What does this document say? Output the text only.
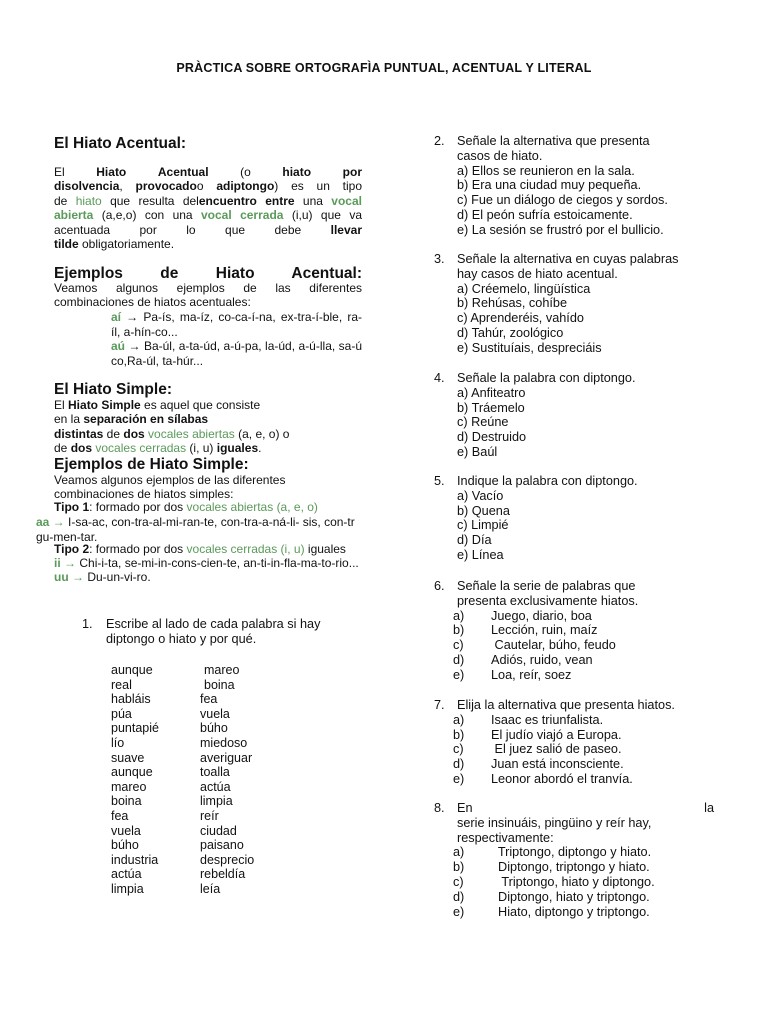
PRÀCTICA SOBRE ORTOGRAFÌA PUNTUAL, ACENTUAL Y LITERAL
El Hiato Acentual:
El Hiato	Acentual (o hiato	por
disolvencia, provocadoo adiptongo) es un tipo
de hiato que resulta delencuentro entre una vocal
abierta (a,e,o) con una vocal cerrada (i,u) que va
acentuada por lo que debe llevar
tilde obligatoriamente.
Ejemplos de Hiato Acentual:
Veamos algunos ejemplos de las diferentes
combinaciones de hiatos acentuales:
aí → Pa-ís, ma-íz, co-ca-í-na, ex-tra-í-ble, ra-
íl, a-hín-co...
aú → Ba-úl, a-ta-úd, a-ú-pa, la-úd, a-ú-lla, sa-ú
co,Ra-úl, ta-húr...
El Hiato Simple:
El Hiato Simple es aquel que consiste
en la separación en sílabas
distintas de dos vocales abiertas (a, e, o) o
de dos vocales cerradas (i, u) iguales.
Ejemplos de Hiato Simple:
Veamos algunos ejemplos de las diferentes
combinaciones de hiatos simples:
Tipo 1: formado por dos vocales abiertas (a, e, o)
aa → I-sa-ac, con-tra-al-mi-ran-te, con-tra-a-ná-li- sis, con-tr
gu-men-tar.
Tipo 2: formado por dos vocales cerradas (i, u) iguales
ii → Chi-i-ta, se-mi-in-cons-cien-te, an-ti-in-fla-ma-to-rio...
uu → Du-un-vi-ro.
1.	Escribe al lado de cada palabra si hay
diptongo o hiato y por qué.
aunque	mareo
real	boina
habláis	fea
púa	vuela
puntapié	búho
lío	miedoso
suave	averiguar
aunque	toalla
mareo	actúa
boina	limpia
fea	reír
vuela	ciudad
búho	paisano
industria	desprecio
actúa	rebeldía
limpia	leía
2. Señale la alternativa que presenta
casos de hiato.
a) Ellos se reunieron en la sala.
b) Era una ciudad muy pequeña.
c) Fue un diálogo de ciegos y sordos.
d) El peón sufría estoicamente.
e) La sesión se frustró por el bullicio.
3. Señale la alternativa en cuyas palabras
hay casos de hiato acentual.
a) Créemelo, lingüística
b) Rehúsas, cohíbe
c) Aprenderéis, vahído
d) Tahúr, zoológico
e) Sustituíais, despreciáis
4. Señale la palabra con diptongo.
a) Anfiteatro
b) Tráemelo
c) Reúne
d) Destruido
e) Baúl
5. Indique la palabra con diptongo.
a) Vacío
b) Quena
c) Limpié
d) Día
e) Línea
6. Señale la serie de palabras que
presenta exclusivamente hiatos.
a)	Juego, diario, boa
b)	Lección, ruin, maíz
c)	Cautelar, búho, feudo
d)	Adiós, ruido, vean
e)	Loa, reír, soez
7. Elija la alternativa que presenta hiatos.
a)	Isaac es triunfalista.
b)	El judío viajó a Europa.
c)	El juez salió de paseo.
d)	Juan está inconsciente.
e)	Leonor abordó el tranvía.
8. En	la
serie insinuáis, pingüino y reír hay,
respectivamente:
a)	Triptongo, diptongo y hiato.
b)	Diptongo, triptongo y hiato.
c)	Triptongo, hiato y diptongo.
d)	Diptongo, hiato y triptongo.
e)	Hiato, diptongo y triptongo.
